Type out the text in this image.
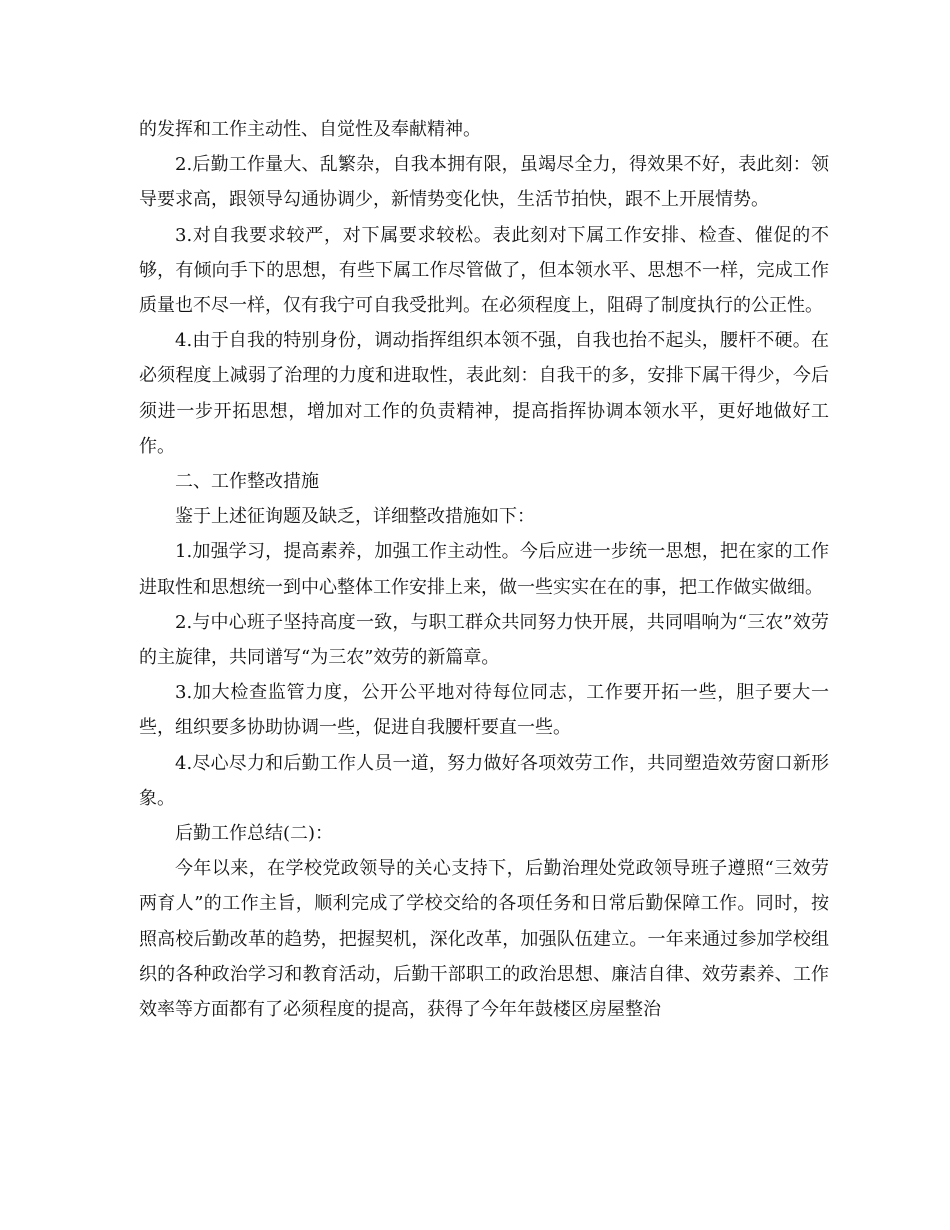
的发挥和工作主动性、自觉性及奉献精神。

2.后勤工作量大、乱繁杂，自我本拥有限，虽竭尽全力，得效果不好，表此刻：领导要求高，跟领导勾通协调少，新情势变化快，生活节拍快，跟不上开展情势。

3.对自我要求较严，对下属要求较松。表此刻对下属工作安排、检查、催促的不够，有倾向手下的思想，有些下属工作尽管做了，但本领水平、思想不一样，完成工作质量也不尽一样，仅有我宁可自我受批判。在必须程度上，阻碍了制度执行的公正性。

4.由于自我的特别身份，调动指挥组织本领不强，自我也抬不起头，腰杆不硬。在必须程度上减弱了治理的力度和进取性，表此刻：自我干的多，安排下属干得少，今后须进一步开拓思想，增加对工作的负责精神，提高指挥协调本领水平，更好地做好工作。

二、工作整改措施

鉴于上述征询题及缺乏，详细整改措施如下：

1.加强学习，提高素养，加强工作主动性。今后应进一步统一思想，把在家的工作进取性和思想统一到中心整体工作安排上来，做一些实实在在的事，把工作做实做细。

2.与中心班子坚持高度一致，与职工群众共同努力快开展，共同唱响为“三农”效劳的主旋律，共同谱写“为三农”效劳的新篇章。

3.加大检查监管力度，公开公平地对待每位同志，工作要开拓一些，胆子要大一些，组织要多协助协调一些，促进自我腰杆要直一些。

4.尽心尽力和后勤工作人员一道，努力做好各项效劳工作，共同塑造效劳窗口新形象。

后勤工作总结(二)：

今年以来，在学校党政领导的关心支持下，后勤治理处党政领导班子遵照“三效劳两育人”的工作主旨，顺利完成了学校交给的各项任务和日常后勤保障工作。同时，按照高校后勤改革的趋势，把握契机，深化改革，加强队伍建立。一年来通过参加学校组织的各种政治学习和教育活动，后勤干部职工的政治思想、廉洁自律、效劳素养、工作效率等方面都有了必须程度的提高，获得了今年年鼓楼区房屋整治
